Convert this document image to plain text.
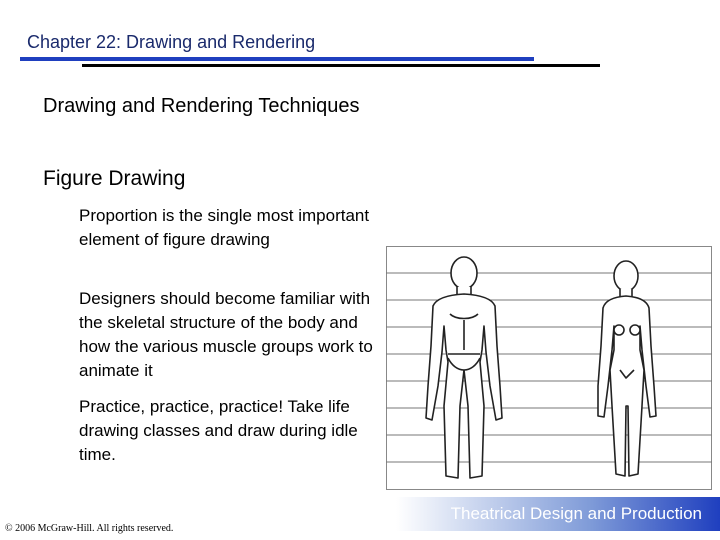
Chapter 22: Drawing and Rendering
Drawing and Rendering Techniques
Figure Drawing
Proportion is the single most important element of figure drawing
Designers should become familiar with the skeletal structure of the body and how the various muscle groups work to animate it
Practice, practice, practice! Take life drawing classes and draw during idle time.
Theatrical Design and Production
© 2006 McGraw-Hill. All rights reserved.
